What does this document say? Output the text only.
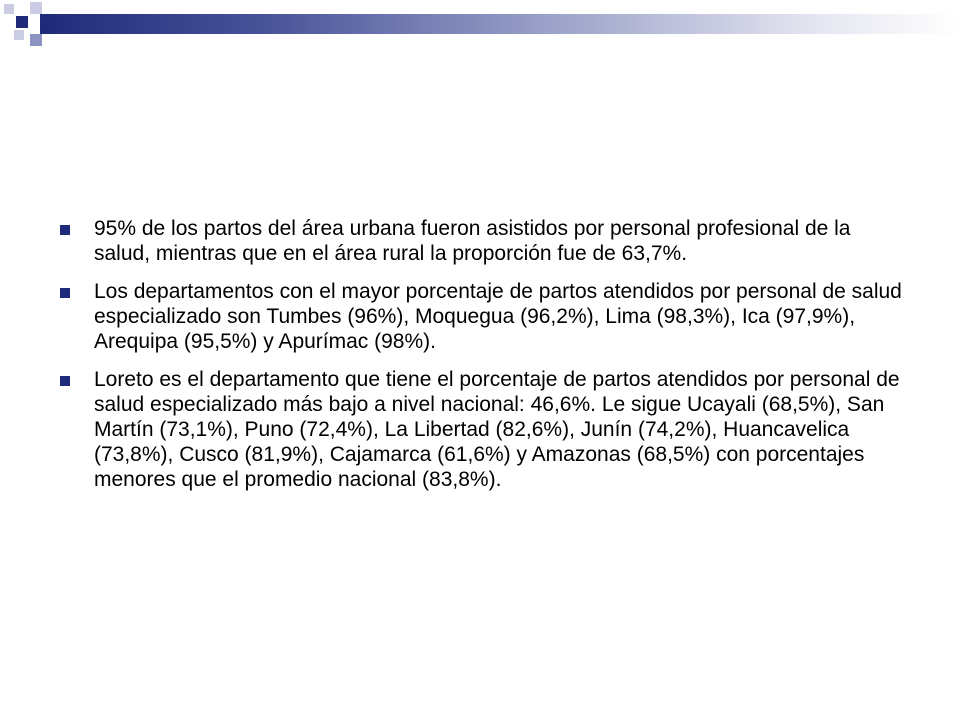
95% de los partos del área urbana fueron asistidos por personal profesional de la salud, mientras que en el área rural la proporción fue de 63,7%.
Los departamentos con el mayor porcentaje de partos atendidos por personal de salud especializado son Tumbes (96%), Moquegua (96,2%), Lima (98,3%), Ica (97,9%), Arequipa (95,5%) y Apurímac (98%).
Loreto es el departamento que tiene el porcentaje de partos atendidos por personal de salud especializado más bajo a nivel nacional: 46,6%. Le sigue Ucayali (68,5%), San Martín (73,1%), Puno (72,4%), La Libertad (82,6%), Junín (74,2%), Huancavelica (73,8%), Cusco (81,9%), Cajamarca (61,6%) y Amazonas (68,5%) con porcentajes menores que el promedio nacional (83,8%).
